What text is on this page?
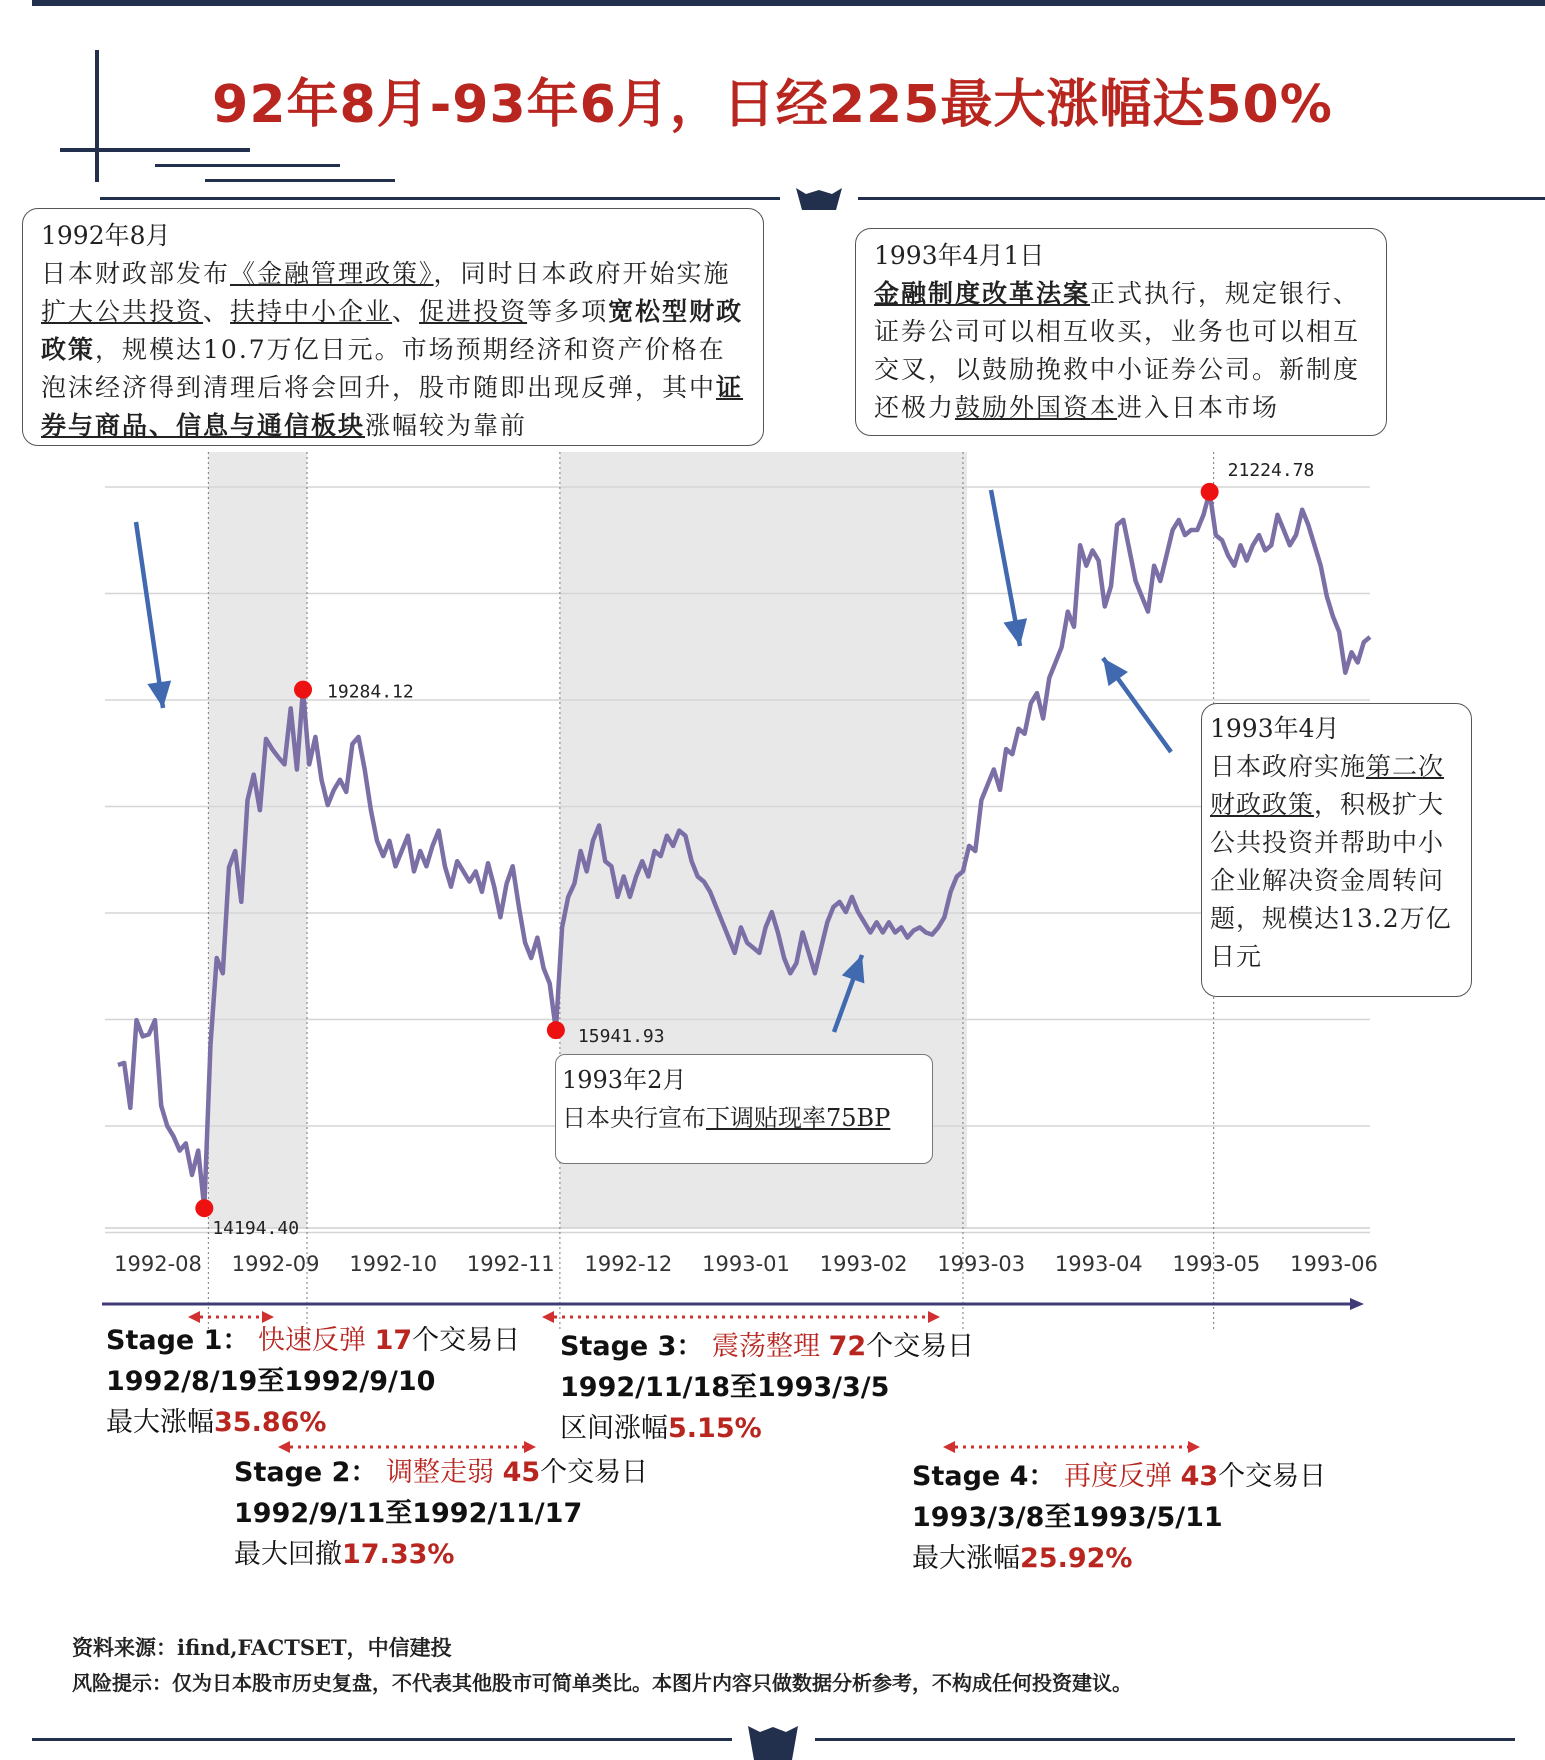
92年8月-93年6月，日经225最大涨幅达50%
14194.40
19284.12
15941.93
21224.78
1992-08 1992-09 1992-10 1992-11 1992-12 1993-01 1993-02 1993-03 1993-04 1993-05 1993-06
1992年8月
日本财政部发布《金融管理政策》，同时日本政府开始实施扩大公共投资、扶持中小企业、促进投资等多项宽松型财政政策，规模达10.7万亿日元。市场预期经济和资产价格在泡沫经济得到清理后将会回升，股市随即出现反弹，其中证券与商品、信息与通信板块涨幅较为靠前
1993年4月1日
金融制度改革法案正式执行，规定银行、证券公司可以相互收买，业务也可以相互交叉，以鼓励挽救中小证券公司。新制度还极力鼓励外国资本进入日本市场
1993年4月
日本政府实施第二次财政政策，积极扩大公共投资并帮助中小企业解决资金周转问题，规模达13.2万亿日元
1993年2月
日本央行宣布下调贴现率75BP
Stage 1： 快速反弹 17个交易日
1992/8/19至1992/9/10
最大涨幅35.86%
Stage 2： 调整走弱 45个交易日
1992/9/11至1992/11/17
最大回撤17.33%
Stage 3： 震荡整理 72个交易日
1992/11/18至1993/3/5
区间涨幅5.15%
Stage 4： 再度反弹 43个交易日
1993/3/8至1993/5/11
最大涨幅25.92%
资料来源：ifind,FACTSET，中信建投
风险提示：仅为日本股市历史复盘，不代表其他股市可简单类比。本图片内容只做数据分析参考，不构成任何投资建议。
